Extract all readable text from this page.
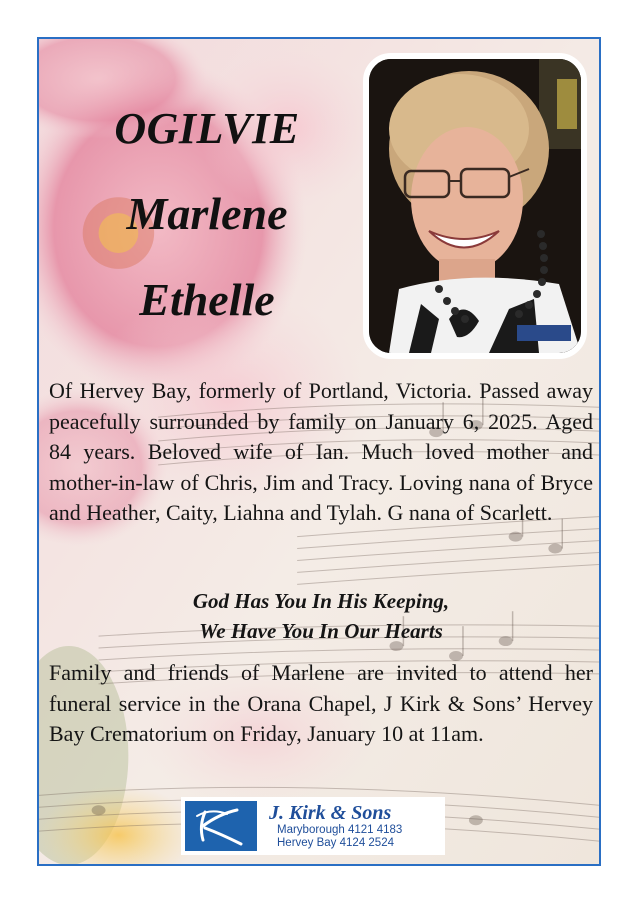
OGILVIE
Marlene
Ethelle
Of Hervey Bay, formerly of Portland, Victoria. Passed away peacefully surrounded by family on January 6, 2025. Aged 84 years. Beloved wife of Ian. Much loved mother and mother-in-law of Chris, Jim and Tracy. Loving nana of Bryce and Heather, Caity, Liahna and Tylah. G nana of Scarlett.
God Has You In His Keeping,
We Have You In Our Hearts
Family and friends of Marlene are invited to attend her funeral service in the Orana Chapel, J Kirk & Sons’ Hervey Bay Crematorium on Friday, January 10 at 11am.
J. Kirk & Sons
Maryborough 4121 4183
Hervey Bay 4124 2524
